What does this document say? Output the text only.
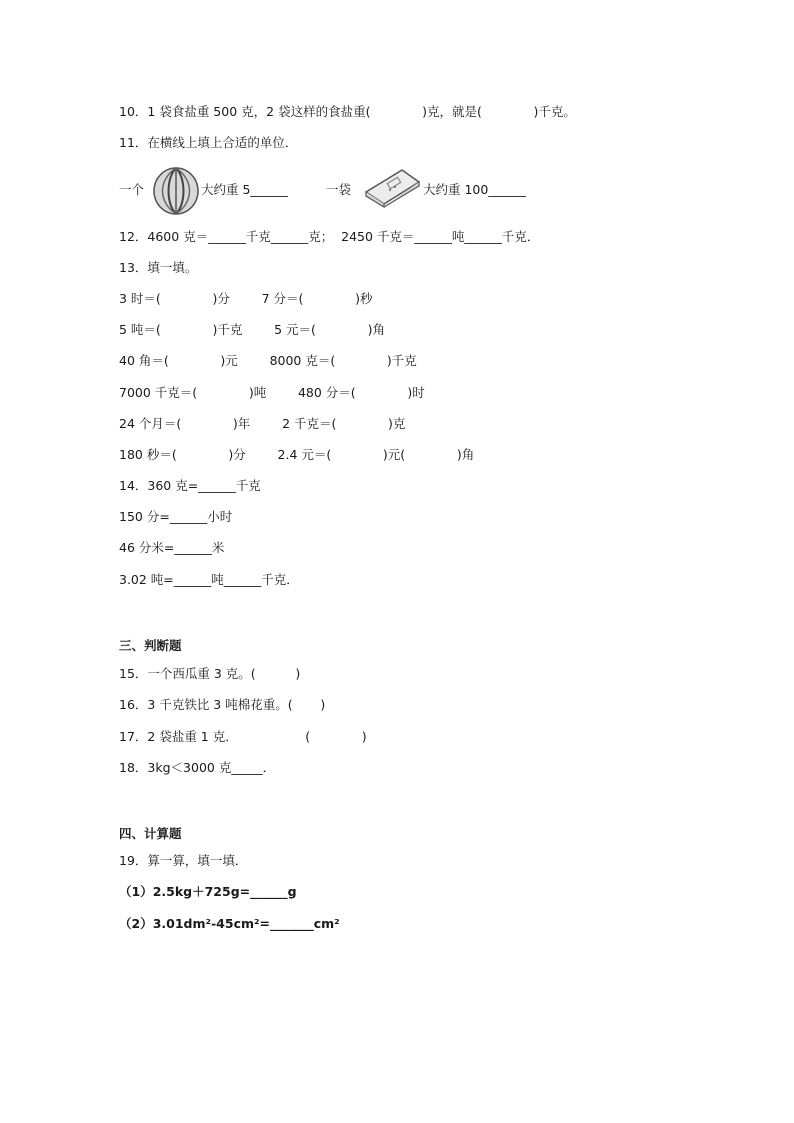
10．1 袋食盐重 500 克，2 袋这样的食盐重(             )克，就是(             )千克。
11．在横线上填上合适的单位．
一个	大约重 5______	一袋	大约重 100______
12．4600 克＝______千克______克；  2450 千克＝______吨______千克．
13．填一填。
3 时＝(             )分        7 分＝(             )秒
5 吨＝(             )千克        5 元＝(             )角
40 角＝(             )元        8000 克＝(             )千克
7000 千克＝(             )吨        480 分＝(             )时
24 个月＝(             )年        2 千克＝(             )克
180 秒＝(             )分        2.4 元＝(             )元(             )角
14．360 克=______千克
150 分=______小时
46 分米=______米
3.02 吨=______吨______千克．
三、判断题
15．一个西瓜重 3 克。(          )
16．3 千克铁比 3 吨棉花重。(       )
17．2 袋盐重 1 克．                 (             )
18．3kg＜3000 克_____．
四、计算题
19．算一算，填一填．
（1）2.5kg＋725g=______g
（2）3.01dm²-45cm²=_______cm²
